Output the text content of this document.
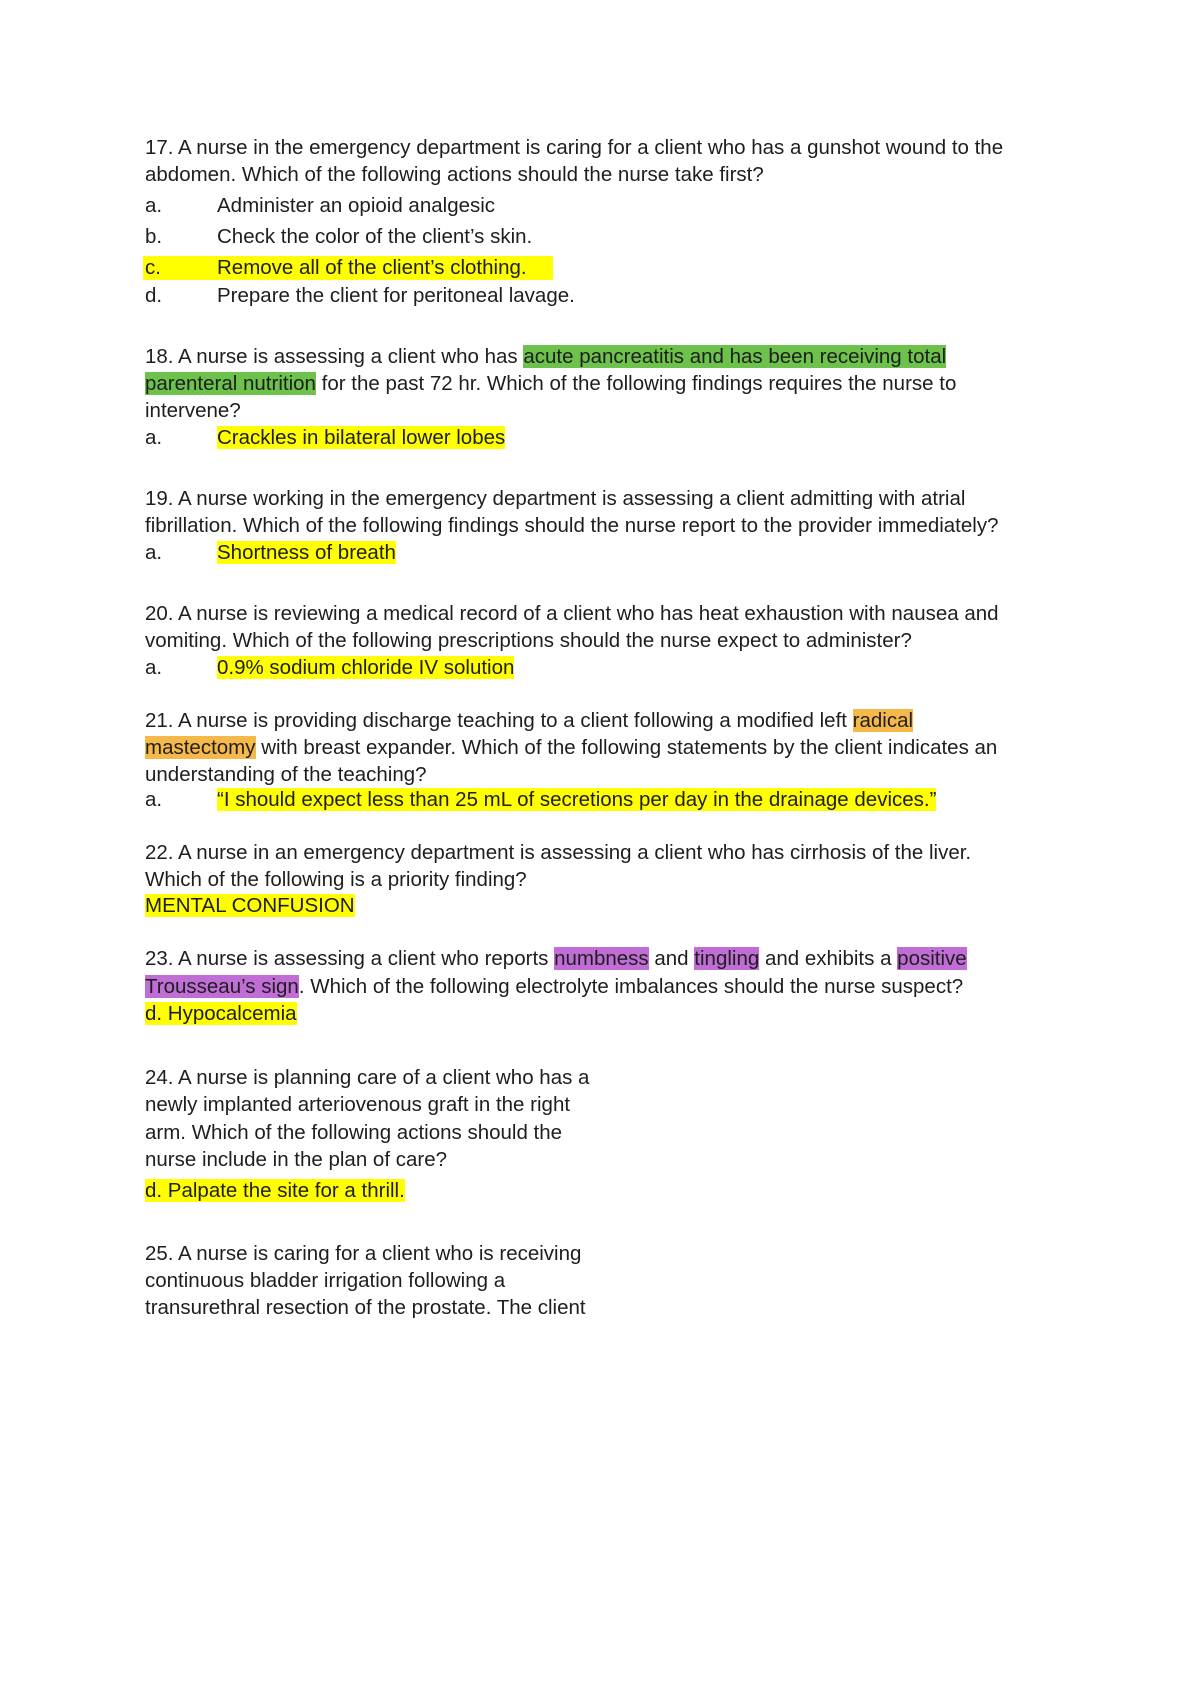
17. A nurse in the emergency department is caring for a client who has a gunshot wound to the
abdomen. Which of the following actions should the nurse take first?
a.	Administer an opioid analgesic
b.	Check the color of the client’s skin.
c.	Remove all of the client’s clothing.
d.	Prepare the client for peritoneal lavage.
18. A nurse is assessing a client who has acute pancreatitis and has been receiving total
parenteral nutrition for the past 72 hr. Which of the following findings requires the nurse to
intervene?
a.	Crackles in bilateral lower lobes
19. A nurse working in the emergency department is assessing a client admitting with atrial
fibrillation. Which of the following findings should the nurse report to the provider immediately?
a.	Shortness of breath
20. A nurse is reviewing a medical record of a client who has heat exhaustion with nausea and
vomiting. Which of the following prescriptions should the nurse expect to administer?
a.	0.9% sodium chloride IV solution
21. A nurse is providing discharge teaching to a client following a modified left radical
mastectomy with breast expander. Which of the following statements by the client indicates an
understanding of the teaching?
a.	“I should expect less than 25 mL of secretions per day in the drainage devices.”
22. A nurse in an emergency department is assessing a client who has cirrhosis of the liver.
Which of the following is a priority finding?
MENTAL CONFUSION
23. A nurse is assessing a client who reports numbness and tingling and exhibits a positive
Trousseau’s sign. Which of the following electrolyte imbalances should the nurse suspect?
d. Hypocalcemia
24. A nurse is planning care of a client who has a
newly implanted arteriovenous graft in the right
arm. Which of the following actions should the
nurse include in the plan of care?
d. Palpate the site for a thrill.
25. A nurse is caring for a client who is receiving
continuous bladder irrigation following a
transurethral resection of the prostate. The client
